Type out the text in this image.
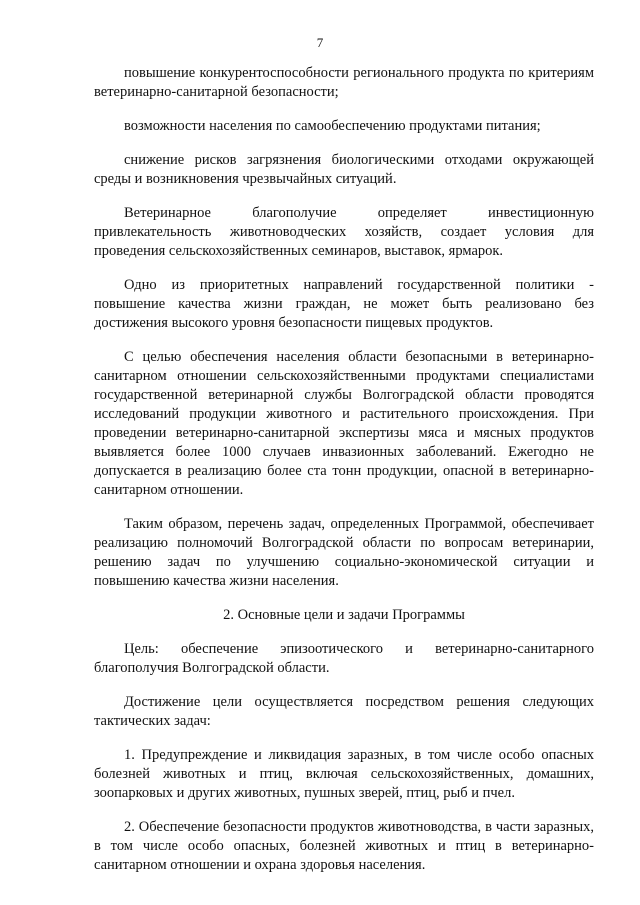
7

повышение конкурентоспособности регионального продукта по критериям ветеринарно-санитарной безопасности;

возможности населения по самообеспечению продуктами питания;

снижение рисков загрязнения биологическими отходами окружающей среды и возникновения чрезвычайных ситуаций.

Ветеринарное благополучие определяет инвестиционную привлекательность животноводческих хозяйств, создает условия для проведения сельскохозяйственных семинаров, выставок, ярмарок.

Одно из приоритетных направлений государственной политики - повышение качества жизни граждан, не может быть реализовано без достижения высокого уровня безопасности пищевых продуктов.

С целью обеспечения населения области безопасными в ветеринарно-санитарном отношении сельскохозяйственными продуктами специалистами государственной ветеринарной службы Волгоградской области проводятся исследований продукции животного и растительного происхождения. При проведении ветеринарно-санитарной экспертизы мяса и мясных продуктов выявляется более 1000 случаев инвазионных заболеваний. Ежегодно не допускается в реализацию более ста тонн продукции, опасной в ветеринарно-санитарном отношении.

Таким образом, перечень задач, определенных Программой, обеспечивает реализацию полномочий Волгоградской области по вопросам ветеринарии, решению задач по улучшению социально-экономической ситуации и повышению качества жизни населения.

2. Основные цели и задачи Программы

Цель: обеспечение эпизоотического и ветеринарно-санитарного благополучия Волгоградской области.

Достижение цели осуществляется посредством решения следующих тактических задач:

1. Предупреждение и ликвидация заразных, в том числе особо опасных болезней животных и птиц, включая сельскохозяйственных, домашних, зоопарковых и других животных, пушных зверей, птиц, рыб и пчел.

2. Обеспечение безопасности продуктов животноводства, в части заразных, в том числе особо опасных, болезней животных и птиц в ветеринарно-санитарном отношении и охрана здоровья населения.
